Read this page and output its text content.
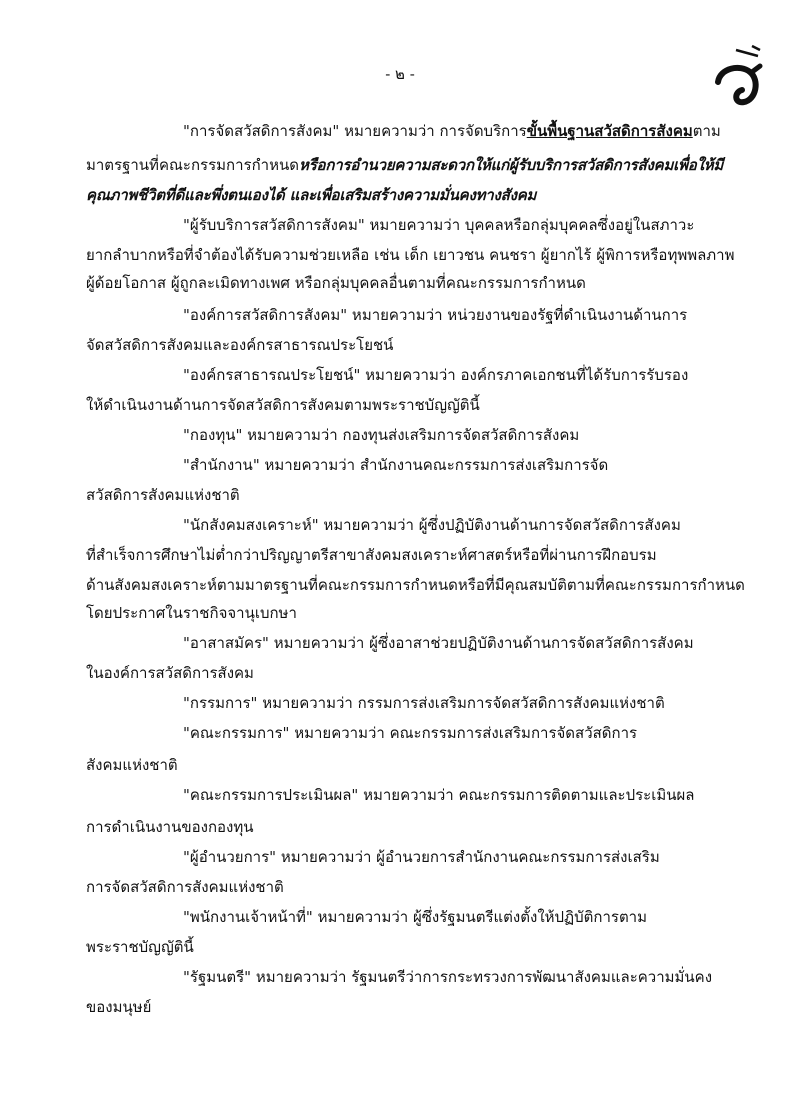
- ๒ -
"การจัดสวัสดิการสังคม" หมายความว่า การจัดบริการขั้นพื้นฐานสวัสดิการสังคมตาม
มาตรฐานที่คณะกรรมการกำหนดหรือการอำนวยความสะดวกให้แก่ผู้รับบริการสวัสดิการสังคมเพื่อให้มี
คุณภาพชีวิตที่ดีและพึ่งตนเองได้ และเพื่อเสริมสร้างความมั่นคงทางสังคม
"ผู้รับบริการสวัสดิการสังคม" หมายความว่า บุคคลหรือกลุ่มบุคคลซึ่งอยู่ในสภาวะ
ยากลำบากหรือที่จำต้องได้รับความช่วยเหลือ เช่น เด็ก เยาวชน คนชรา ผู้ยากไร้ ผู้พิการหรือทุพพลภาพ
ผู้ด้อยโอกาส ผู้ถูกละเมิดทางเพศ หรือกลุ่มบุคคลอื่นตามที่คณะกรรมการกำหนด
"องค์การสวัสดิการสังคม" หมายความว่า หน่วยงานของรัฐที่ดำเนินงานด้านการ
จัดสวัสดิการสังคมและองค์กรสาธารณประโยชน์
"องค์กรสาธารณประโยชน์" หมายความว่า องค์กรภาคเอกชนที่ได้รับการรับรอง
ให้ดำเนินงานด้านการจัดสวัสดิการสังคมตามพระราชบัญญัตินี้
"กองทุน" หมายความว่า กองทุนส่งเสริมการจัดสวัสดิการสังคม
"สำนักงาน" หมายความว่า สำนักงานคณะกรรมการส่งเสริมการจัด
สวัสดิการสังคมแห่งชาติ
"นักสังคมสงเคราะห์" หมายความว่า ผู้ซึ่งปฏิบัติงานด้านการจัดสวัสดิการสังคม
ที่สำเร็จการศึกษาไม่ต่ำกว่าปริญญาตรีสาขาสังคมสงเคราะห์ศาสตร์หรือที่ผ่านการฝึกอบรม
ด้านสังคมสงเคราะห์ตามมาตรฐานที่คณะกรรมการกำหนดหรือที่มีคุณสมบัติตามที่คณะกรรมการกำหนด
โดยประกาศในราชกิจจานุเบกษา
"อาสาสมัคร" หมายความว่า ผู้ซึ่งอาสาช่วยปฏิบัติงานด้านการจัดสวัสดิการสังคม
ในองค์การสวัสดิการสังคม
"กรรมการ" หมายความว่า กรรมการส่งเสริมการจัดสวัสดิการสังคมแห่งชาติ
"คณะกรรมการ" หมายความว่า คณะกรรมการส่งเสริมการจัดสวัสดิการ
สังคมแห่งชาติ
"คณะกรรมการประเมินผล" หมายความว่า คณะกรรมการติดตามและประเมินผล
การดำเนินงานของกองทุน
"ผู้อำนวยการ" หมายความว่า ผู้อำนวยการสำนักงานคณะกรรมการส่งเสริม
การจัดสวัสดิการสังคมแห่งชาติ
"พนักงานเจ้าหน้าที่" หมายความว่า ผู้ซึ่งรัฐมนตรีแต่งตั้งให้ปฏิบัติการตาม
พระราชบัญญัตินี้
"รัฐมนตรี" หมายความว่า รัฐมนตรีว่าการกระทรวงการพัฒนาสังคมและความมั่นคง
ของมนุษย์
